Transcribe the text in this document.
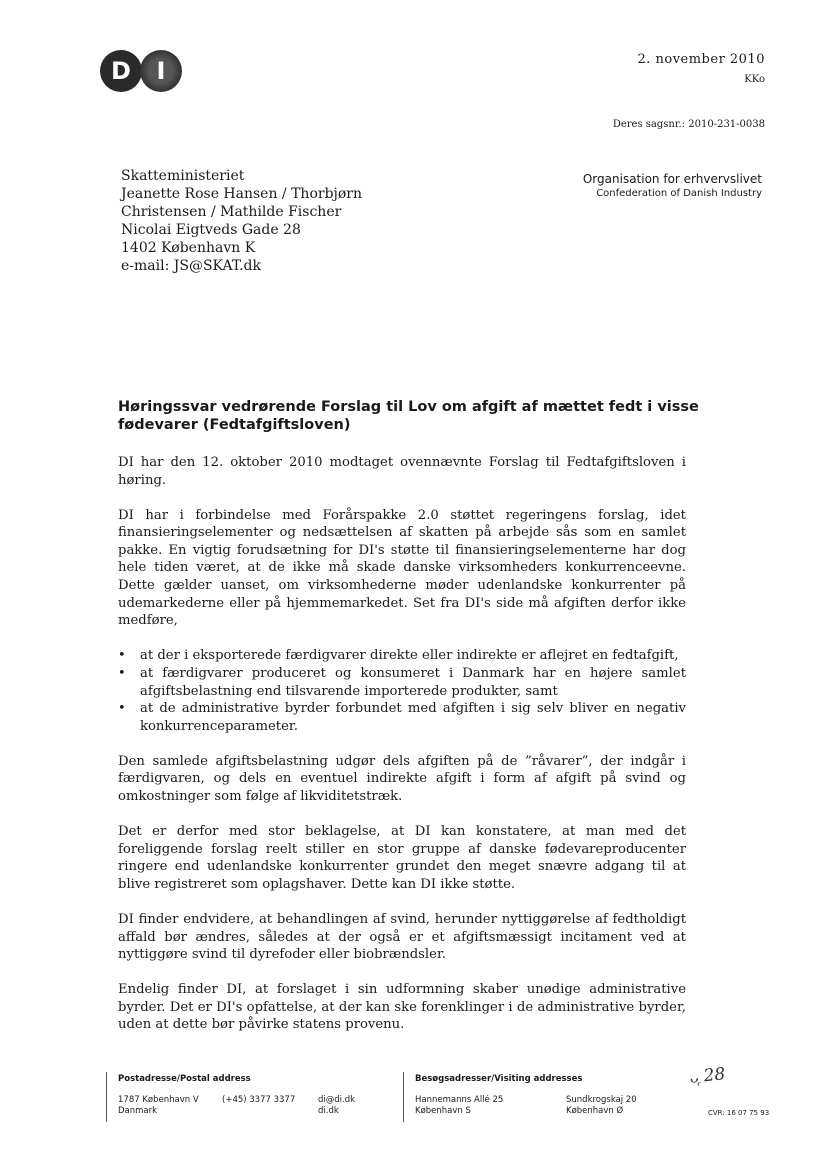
D	I	2. november 2010
KKo
Deres sagsnr.: 2010-231-0038
Skatteministeriet
Jeanette Rose Hansen / Thorbjørn
Christensen / Mathilde Fischer
Nicolai Eigtveds Gade 28
1402 København K
e-mail: JS@SKAT.dk
Organisation for erhvervslivet
Confederation of Danish Industry
Høringssvar vedrørende Forslag til Lov om afgift af mættet fedt i visse fødevarer (Fedtafgiftsloven)

DI har den 12. oktober 2010 modtaget ovennævnte Forslag til Fedtafgiftsloven i høring.

DI har i forbindelse med Forårspakke 2.0 støttet regeringens forslag, idet finansieringselementer og nedsættelsen af skatten på arbejde sås som en samlet pakke. En vigtig forudsætning for DI's støtte til finansieringselementerne har dog hele tiden været, at de ikke må skade danske virksomheders konkurrenceevne. Dette gælder uanset, om virksomhederne møder udenlandske konkurrenter på udemarkederne eller på hjemmemarkedet. Set fra DI's side må afgiften derfor ikke medføre,

• at der i eksporterede færdigvarer direkte eller indirekte er aflejret en fedtafgift,
• at færdigvarer produceret og konsumeret i Danmark har en højere samlet afgiftsbelastning end tilsvarende importerede produkter, samt
• at de administrative byrder forbundet med afgiften i sig selv bliver en negativ konkurrenceparameter.

Den samlede afgiftsbelastning udgør dels afgiften på de ”råvarer”, der indgår i færdigvaren, og dels en eventuel indirekte afgift i form af afgift på svind og omkostninger som følge af likviditetstræk.

Det er derfor med stor beklagelse, at DI kan konstatere, at man med det foreliggende forslag reelt stiller en stor gruppe af danske fødevareproducenter ringere end udenlandske konkurrenter grundet den meget snævre adgang til at blive registreret som oplagshaver. Dette kan DI ikke støtte.

DI finder endvidere, at behandlingen af svind, herunder nyttiggørelse af fedtholdigt affald bør ændres, således at der også er et afgiftsmæssigt incitament ved at nyttiggøre svind til dyrefoder eller biobrændsler.

Endelig finder DI, at forslaget i sin udformning skaber unødige administrative byrder. Det er DI's opfattelse, at der kan ske forenklinger i de administrative byrder, uden at dette bør påvirke statens provenu.

Postadresse/Postal address	Besøgsadresser/Visiting addresses
1787 København V
Danmark
(+45) 3377 3377	di@di.dk
di.dk
Hannemanns Allé 25
København S
Sundkrogskaj 20
København Ø
ᴗ᷊ 28
CVR: 16 07 75 93
